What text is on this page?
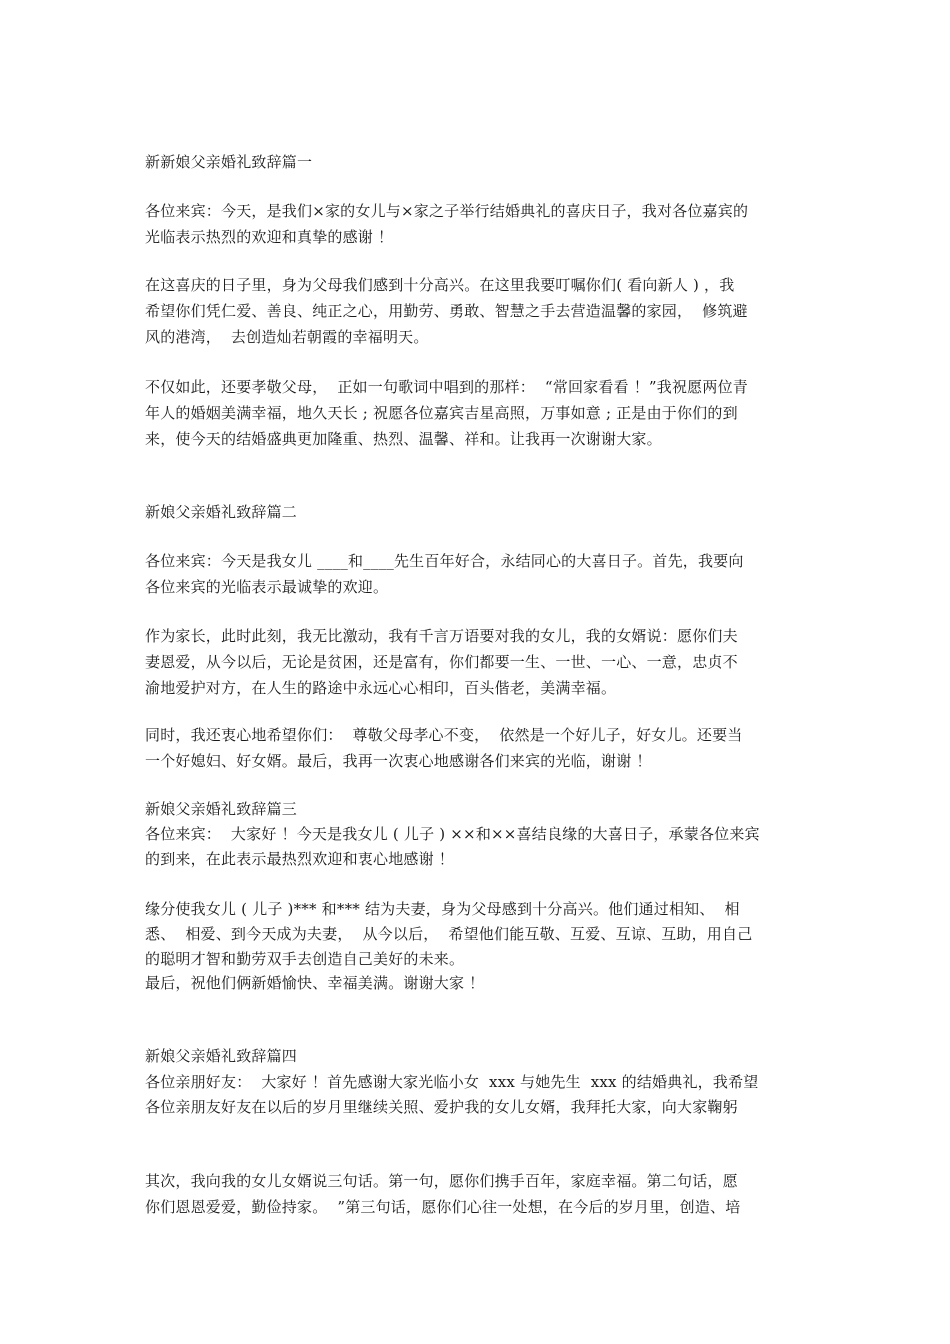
新新娘父亲婚礼致辞篇一
各位来宾：今天，是我们×家的女儿与×家之子举行结婚典礼的喜庆日子，我对各位嘉宾的
光临表示热烈的欢迎和真挚的感谢 ！
在这喜庆的日子里，身为父母我们感到十分高兴。在这里我要叮嘱你们( 看向新人 ) ，我
希望你们凭仁爱、善良、纯正之心，用勤劳、勇敢、智慧之手去营造温馨的家园，  修筑避
风的港湾，  去创造灿若朝霞的幸福明天。
不仅如此，还要孝敬父母，  正如一句歌词中唱到的那样：  “常回家看看 ！”我祝愿两位青
年人的婚姻美满幸福，地久天长 ; 祝愿各位嘉宾吉星高照，万事如意 ; 正是由于你们的到
来，使今天的结婚盛典更加隆重、热烈、温馨、祥和。让我再一次谢谢大家。
新娘父亲婚礼致辞篇二
各位来宾：今天是我女儿 ____和____先生百年好合，永结同心的大喜日子。首先，我要向
各位来宾的光临表示最诚挚的欢迎。
作为家长，此时此刻，我无比激动，我有千言万语要对我的女儿，我的女婿说：愿你们夫
妻恩爱，从今以后，无论是贫困，还是富有，你们都要一生、一世、一心、一意，忠贞不
渝地爱护对方，在人生的路途中永远心心相印，百头偕老，美满幸福。
同时，我还衷心地希望你们：  尊敬父母孝心不变，  依然是一个好儿子，好女儿。还要当
一个好媳妇、好女婿。最后，我再一次衷心地感谢各们来宾的光临，谢谢 ！
新娘父亲婚礼致辞篇三
各位来宾：  大家好 ！今天是我女儿 ( 儿子 ) ××和××喜结良缘的大喜日子，承蒙各位来宾
的到来，在此表示最热烈欢迎和衷心地感谢 ！
缘分使我女儿 ( 儿子 )*** 和*** 结为夫妻，身为父母感到十分高兴。他们通过相知、  相
悉、  相爱、到今天成为夫妻，  从今以后，  希望他们能互敬、互爱、互谅、互助，用自己
的聪明才智和勤劳双手去创造自己美好的未来。
最后，祝他们俩新婚愉快、幸福美满。谢谢大家 ！
新娘父亲婚礼致辞篇四
各位亲朋好友：  大家好 ！首先感谢大家光临小女  xxx 与她先生  xxx 的结婚典礼，我希望
各位亲朋友好友在以后的岁月里继续关照、爱护我的女儿女婿，我拜托大家，向大家鞠躬
其次，我向我的女儿女婿说三句话。第一句，愿你们携手百年，家庭幸福。第二句话，愿
你们恩恩爱爱，勤俭持家。  ”第三句话，愿你们心往一处想，在今后的岁月里，创造、培
